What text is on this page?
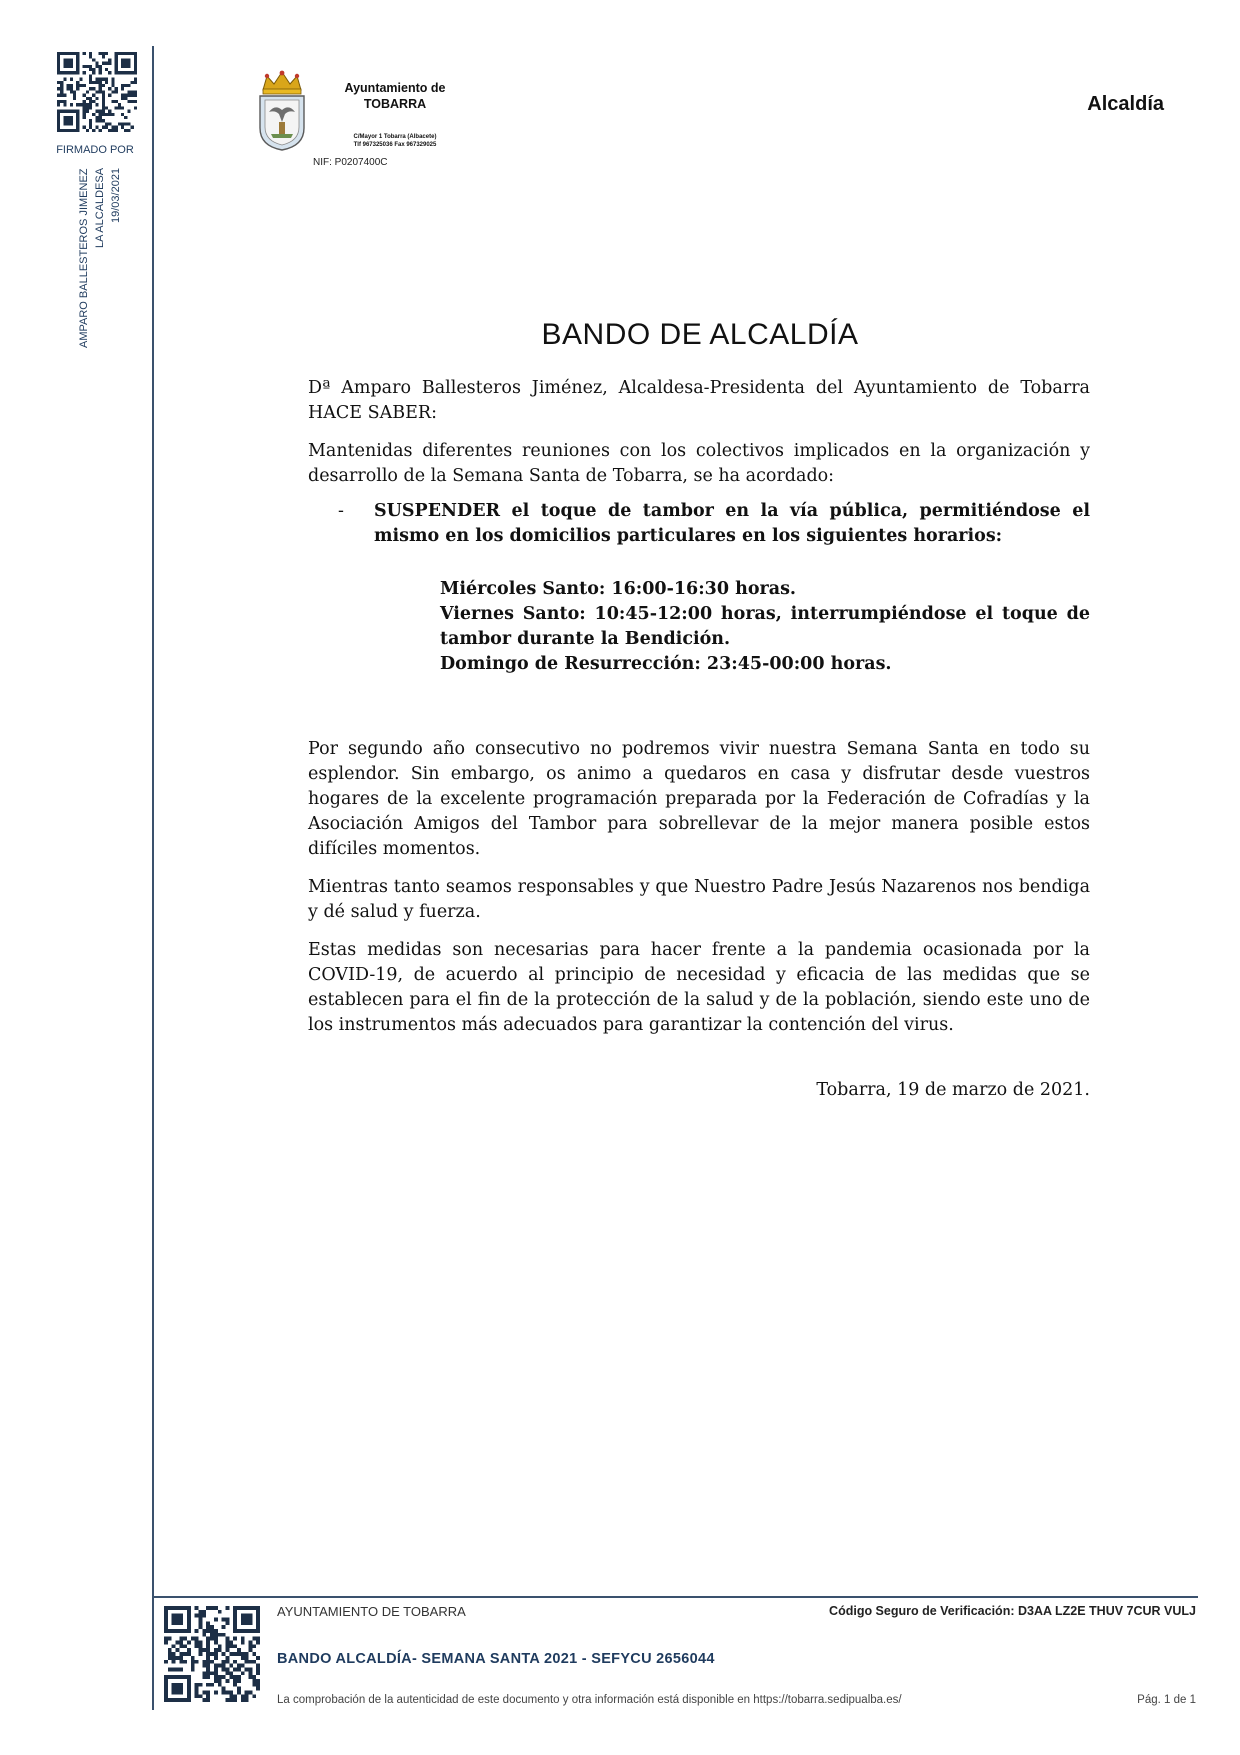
FIRMADO POR
AMPARO BALLESTEROS JIMENEZ LA ALCALDESA 19/03/2021
Ayuntamiento de
TOBARRA
C/Mayor 1 Tobarra (Albacete)
Tlf 967325036 Fax 967329025
NIF: P0207400C
Alcaldía
BANDO DE ALCALDÍA

Dª Amparo Ballesteros Jiménez, Alcaldesa-Presidenta del Ayuntamiento de Tobarra HACE SABER:

Mantenidas diferentes reuniones con los colectivos implicados en la organización y desarrollo de la Semana Santa de Tobarra, se ha acordado:

-	SUSPENDER el toque de tambor en la vía pública, permitiéndose el mismo en los domicilios particulares en los siguientes horarios:
Miércoles Santo: 16:00-16:30 horas.
Viernes Santo: 10:45-12:00 horas, interrumpiéndose el toque de tambor durante la Bendición.
Domingo de Resurrección: 23:45-00:00 horas.

Por segundo año consecutivo no podremos vivir nuestra Semana Santa en todo su esplendor. Sin embargo, os animo a quedaros en casa y disfrutar desde vuestros hogares de la excelente programación preparada por la Federación de Cofradías y la Asociación Amigos del Tambor para sobrellevar de la mejor manera posible estos difíciles momentos.

Mientras tanto seamos responsables y que Nuestro Padre Jesús Nazarenos nos bendiga y dé salud y fuerza.

Estas medidas son necesarias para hacer frente a la pandemia ocasionada por la COVID-19, de acuerdo al principio de necesidad y eficacia de las medidas que se establecen para el fin de la protección de la salud y de la población, siendo este uno de los instrumentos más adecuados para garantizar la contención del virus.

Tobarra, 19 de marzo de 2021.
AYUNTAMIENTO DE TOBARRA	Código Seguro de Verificación: D3AA LZ2E THUV 7CUR VULJ
BANDO ALCALDÍA- SEMANA SANTA 2021 - SEFYCU 2656044
La comprobación de la autenticidad de este documento y otra información está disponible en https://tobarra.sedipualba.es/	Pág. 1 de 1
